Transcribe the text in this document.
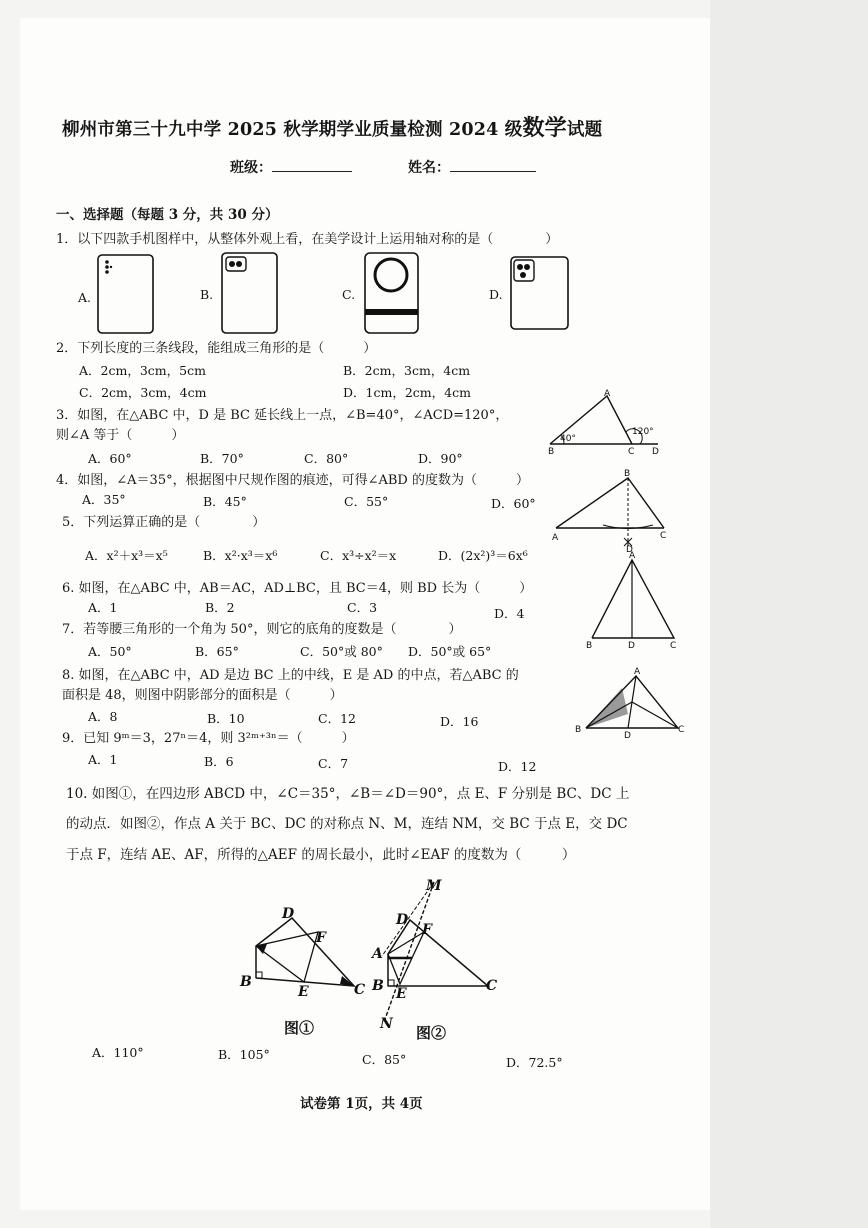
柳州市第三十九中学 2025 秋学期学业质量检测 2024 级数学试题
班级：	姓名：
一、选择题（每题 3 分，共 30 分）
1．以下四款手机图样中，从整体外观上看，在美学设计上运用轴对称的是（　　　　）
A.	B.	C.	D.
2．下列长度的三条线段，能组成三角形的是（　　　）
A．2cm，3cm，5cm	B．2cm，3cm，4cm
C．2cm，3cm，4cm	D．1cm，2cm，4cm
3．如图，在△ABC 中，D 是 BC 延长线上一点，∠B=40°，∠ACD=120°，
则∠A 等于（　　　）
A．60°	B．70°	C．80°	D．90°
A
B	C D
40°
120°
4．如图，∠A＝35°，根据图中尺规作图的痕迹，可得∠ABD 的度数为（　　　）
A．35°	B．45°	C．55°	D．60°
B
A	C
D
5．下列运算正确的是（　　　　）
A．x²＋x³＝x⁵	B．x²·x³＝x⁶	C．x³÷x²＝x	D．(2x²)³＝6x⁶
6. 如图，在△ABC 中，AB＝AC，AD⊥BC，且 BC＝4，则 BD 长为（　　　）
A．1	B．2	C．3	D．4
A
B	D	C
7．若等腰三角形的一个角为 50°，则它的底角的度数是（　　　　）
A．50°	B．65°	C．50°或 80° D．50°或 65°
8. 如图，在△ABC 中，AD 是边 BC 上的中线，E 是 AD 的中点，若△ABC 的
面积是 48，则图中阴影部分的面积是（　　　）
A．8	B．10	C．12	D．16
A
B
D
C
9．已知 9ᵐ＝3，27ⁿ＝4，则 3²ᵐ⁺³ⁿ＝（　　　）
A．1	B．6	C．7	D．12
10. 如图①，在四边形 ABCD 中，∠C＝35°，∠B＝∠D＝90°，点 E、F 分别是 BC、DC 上
的动点．如图②，作点 A 关于 BC、DC 的对称点 N、M，连结 NM，交 BC 于点 E，交 DC
于点 F，连结 AE、AF，所得的△AEF 的周长最小，此时∠EAF 的度数为（　　　）
D
F
B
E	C
图①
M
D
F
A
B E	C
N 图②
A．110°	B．105°	C．85°	D．72.5°
试卷第 1页，共 4页
